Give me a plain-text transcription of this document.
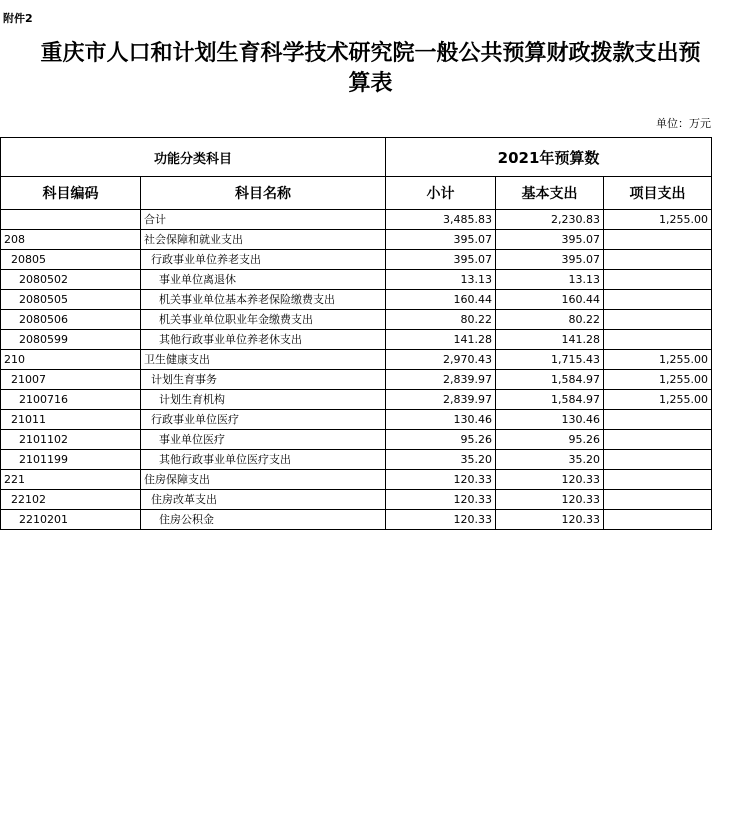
附件2
重庆市人口和计划生育科学技术研究院一般公共预算财政拨款支出预
算表
单位：万元
功能分类科目		2021年预算数		
科目编码	科目名称	小计	基本支出	项目支出
	合计	3,485.83	2,230.83	1,255.00
208	社会保障和就业支出	395.07	395.07	
20805	行政事业单位养老支出	395.07	395.07	
2080502	事业单位离退休	13.13	13.13	
2080505	机关事业单位基本养老保险缴费支出	160.44	160.44	
2080506	机关事业单位职业年金缴费支出	80.22	80.22	
2080599	其他行政事业单位养老休支出	141.28	141.28	
210	卫生健康支出	2,970.43	1,715.43	1,255.00
21007	计划生育事务	2,839.97	1,584.97	1,255.00
2100716	计划生育机构	2,839.97	1,584.97	1,255.00
21011	行政事业单位医疗	130.46	130.46	
2101102	事业单位医疗	95.26	95.26	
2101199	其他行政事业单位医疗支出	35.20	35.20	
221	住房保障支出	120.33	120.33	
22102	住房改革支出	120.33	120.33	
2210201	住房公积金	120.33	120.33	
